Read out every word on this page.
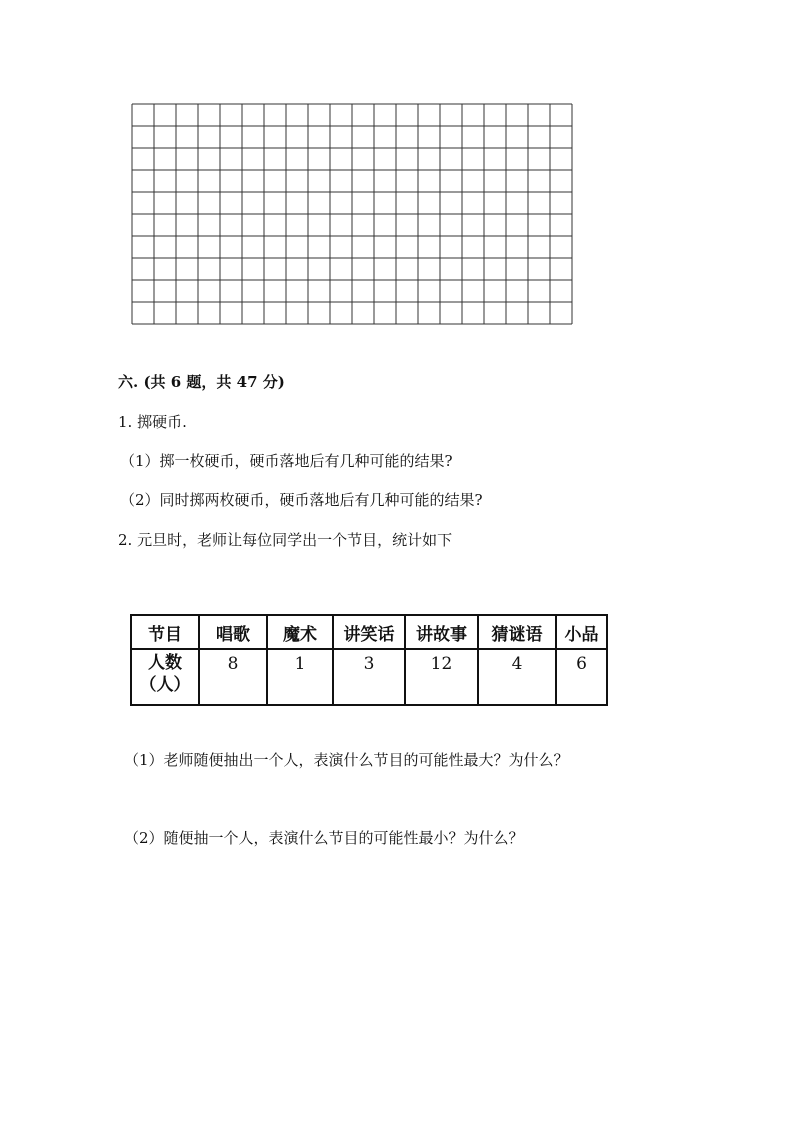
六. (共 6 题，共 47 分)
1. 掷硬币.
（1）掷一枚硬币，硬币落地后有几种可能的结果?
（2）同时掷两枚硬币，硬币落地后有几种可能的结果?
2. 元旦时，老师让每位同学出一个节目，统计如下
节目	唱歌	魔术	讲笑话	讲故事	猜谜语	小品

人数
（人）	8	1	3	12	4	6
（1）老师随便抽出一个人，表演什么节目的可能性最大？为什么？
（2）随便抽一个人，表演什么节目的可能性最小？为什么？
